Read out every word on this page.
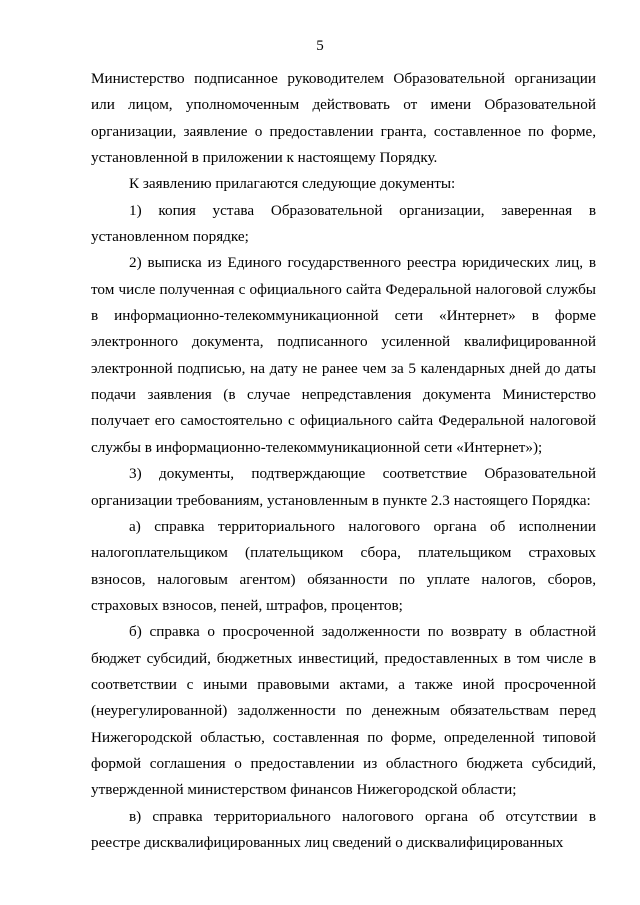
5

Министерство подписанное руководителем Образовательной организации или лицом, уполномоченным действовать от имени Образовательной организации, заявление о предоставлении гранта, составленное по форме, установленной в приложении к настоящему Порядку.

К заявлению прилагаются следующие документы:

1) копия устава Образовательной организации, заверенная в установленном порядке;

2) выписка из Единого государственного реестра юридических лиц, в том числе полученная с официального сайта Федеральной налоговой службы в информационно-телекоммуникационной сети «Интернет» в форме электронного документа, подписанного усиленной квалифицированной электронной подписью, на дату не ранее чем за 5 календарных дней до даты подачи заявления (в случае непредставления документа Министерство получает его самостоятельно с официального сайта Федеральной налоговой службы в информационно-телекоммуникационной сети «Интернет»);

3) документы, подтверждающие соответствие Образовательной организации требованиям, установленным в пункте 2.3 настоящего Порядка:

а) справка территориального налогового органа об исполнении налогоплательщиком (плательщиком сбора, плательщиком страховых взносов, налоговым агентом) обязанности по уплате налогов, сборов, страховых взносов, пеней, штрафов, процентов;

б) справка о просроченной задолженности по возврату в областной бюджет субсидий, бюджетных инвестиций, предоставленных в том числе в соответствии с иными правовыми актами, а также иной просроченной (неурегулированной) задолженности по денежным обязательствам перед Нижегородской областью, составленная по форме, определенной типовой формой соглашения о предоставлении из областного бюджета субсидий, утвержденной министерством финансов Нижегородской области;

в) справка территориального налогового органа об отсутствии в реестре дисквалифицированных лиц сведений о дисквалифицированных
